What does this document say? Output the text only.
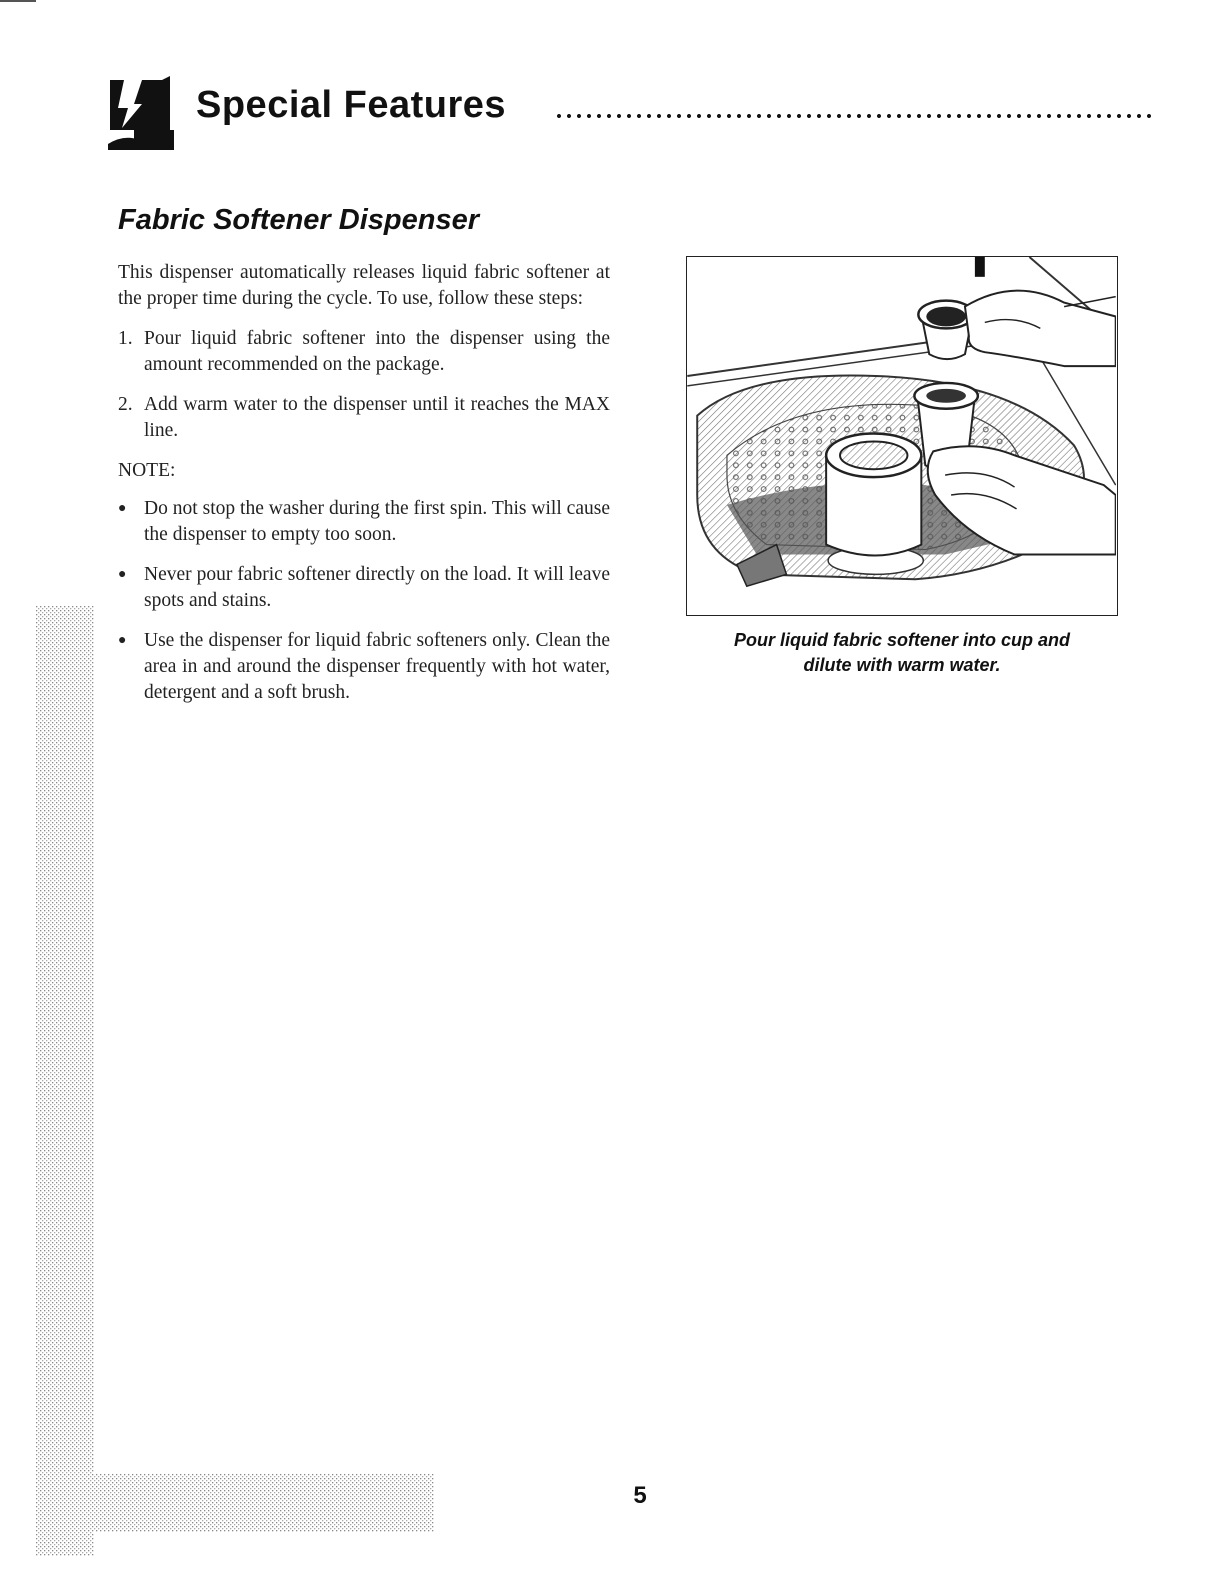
Special Features
Fabric Softener Dispenser

This dispenser automatically releases liquid fabric softener at the proper time during the cycle. To use, follow these steps:

1. Pour liquid fabric softener into the dispenser using the amount recommended on the package.
2. Add warm water to the dispenser until it reaches the MAX line.

NOTE:

● Do not stop the washer during the first spin. This will cause the dispenser to empty too soon.
● Never pour fabric softener directly on the load. It will leave spots and stains.
● Use the dispenser for liquid fabric softeners only. Clean the area in and around the dispenser frequently with hot water, detergent and a soft brush.
Pour liquid fabric softener into cup and
dilute with warm water.
5
